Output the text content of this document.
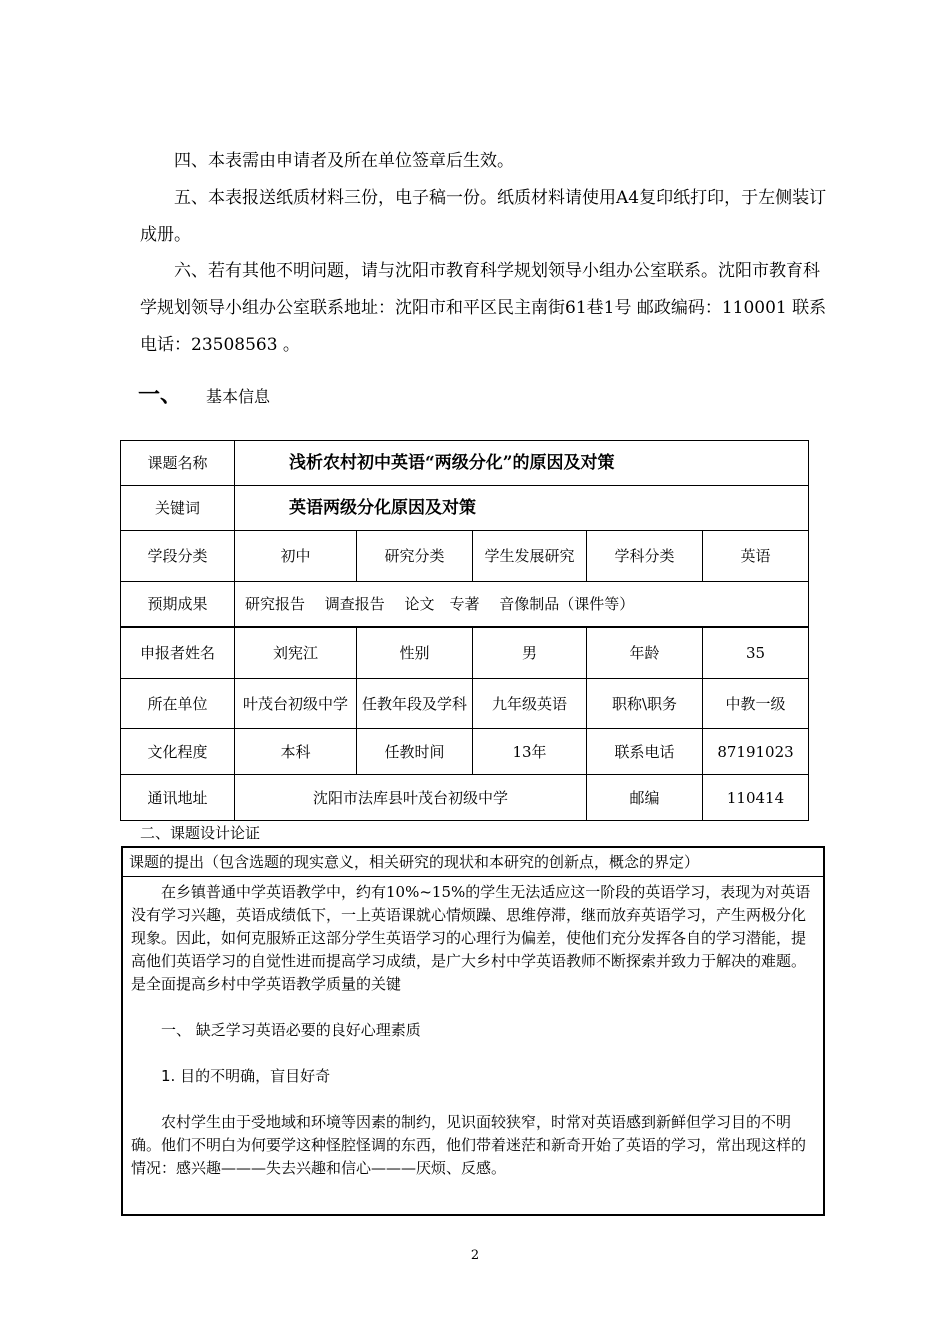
四、本表需由申请者及所在单位签章后生效。
五、本表报送纸质材料三份，电子稿一份。纸质材料请使用A4复印纸打印，于左侧装订成册。
六、若有其他不明问题，请与沈阳市教育科学规划领导小组办公室联系。沈阳市教育科学规划领导小组办公室联系地址：沈阳市和平区民主南街61巷1号 邮政编码：110001 联系电话：23508563 。
一、 基本信息
课题名称	浅析农村初中英语“两级分化”的原因及对策				
关键词	英语两级分化原因及对策				
学段分类	初中	研究分类	学生发展研究	学科分类	英语
预期成果	研究报告　 调查报告　 论文　专著　 音像制品（课件等）				
申报者姓名	刘宪江	性别	男	年龄	35
所在单位	叶茂台初级中学	任教年段及学科	九年级英语	职称\职务	中教一级
文化程度	本科	任教时间	13年	联系电话	87191023
通讯地址	沈阳市法库县叶茂台初级中学			邮编	110414
二、课题设计论证
课题的提出（包含选题的现实意义，相关研究的现状和本研究的创新点，概念的界定）

在乡镇普通中学英语教学中，约有10%~15%的学生无法适应这一阶段的英语学习，表现为对英语没有学习兴趣，英语成绩低下，一上英语课就心情烦躁、思维停滞，继而放弃英语学习，产生两极分化现象。因此，如何克服矫正这部分学生英语学习的心理行为偏差，使他们充分发挥各自的学习潜能，提高他们英语学习的自觉性进而提高学习成绩，是广大乡村中学英语教师不断探索并致力于解决的难题。是全面提高乡村中学英语教学质量的关键

一、 缺乏学习英语必要的良好心理素质

1. 目的不明确，盲目好奇

农村学生由于受地域和环境等因素的制约，见识面较狭窄，时常对英语感到新鲜但学习目的不明确。他们不明白为何要学这种怪腔怪调的东西，他们带着迷茫和新奇开始了英语的学习，常出现这样的情况：感兴趣———失去兴趣和信心———厌烦、反感。

2
